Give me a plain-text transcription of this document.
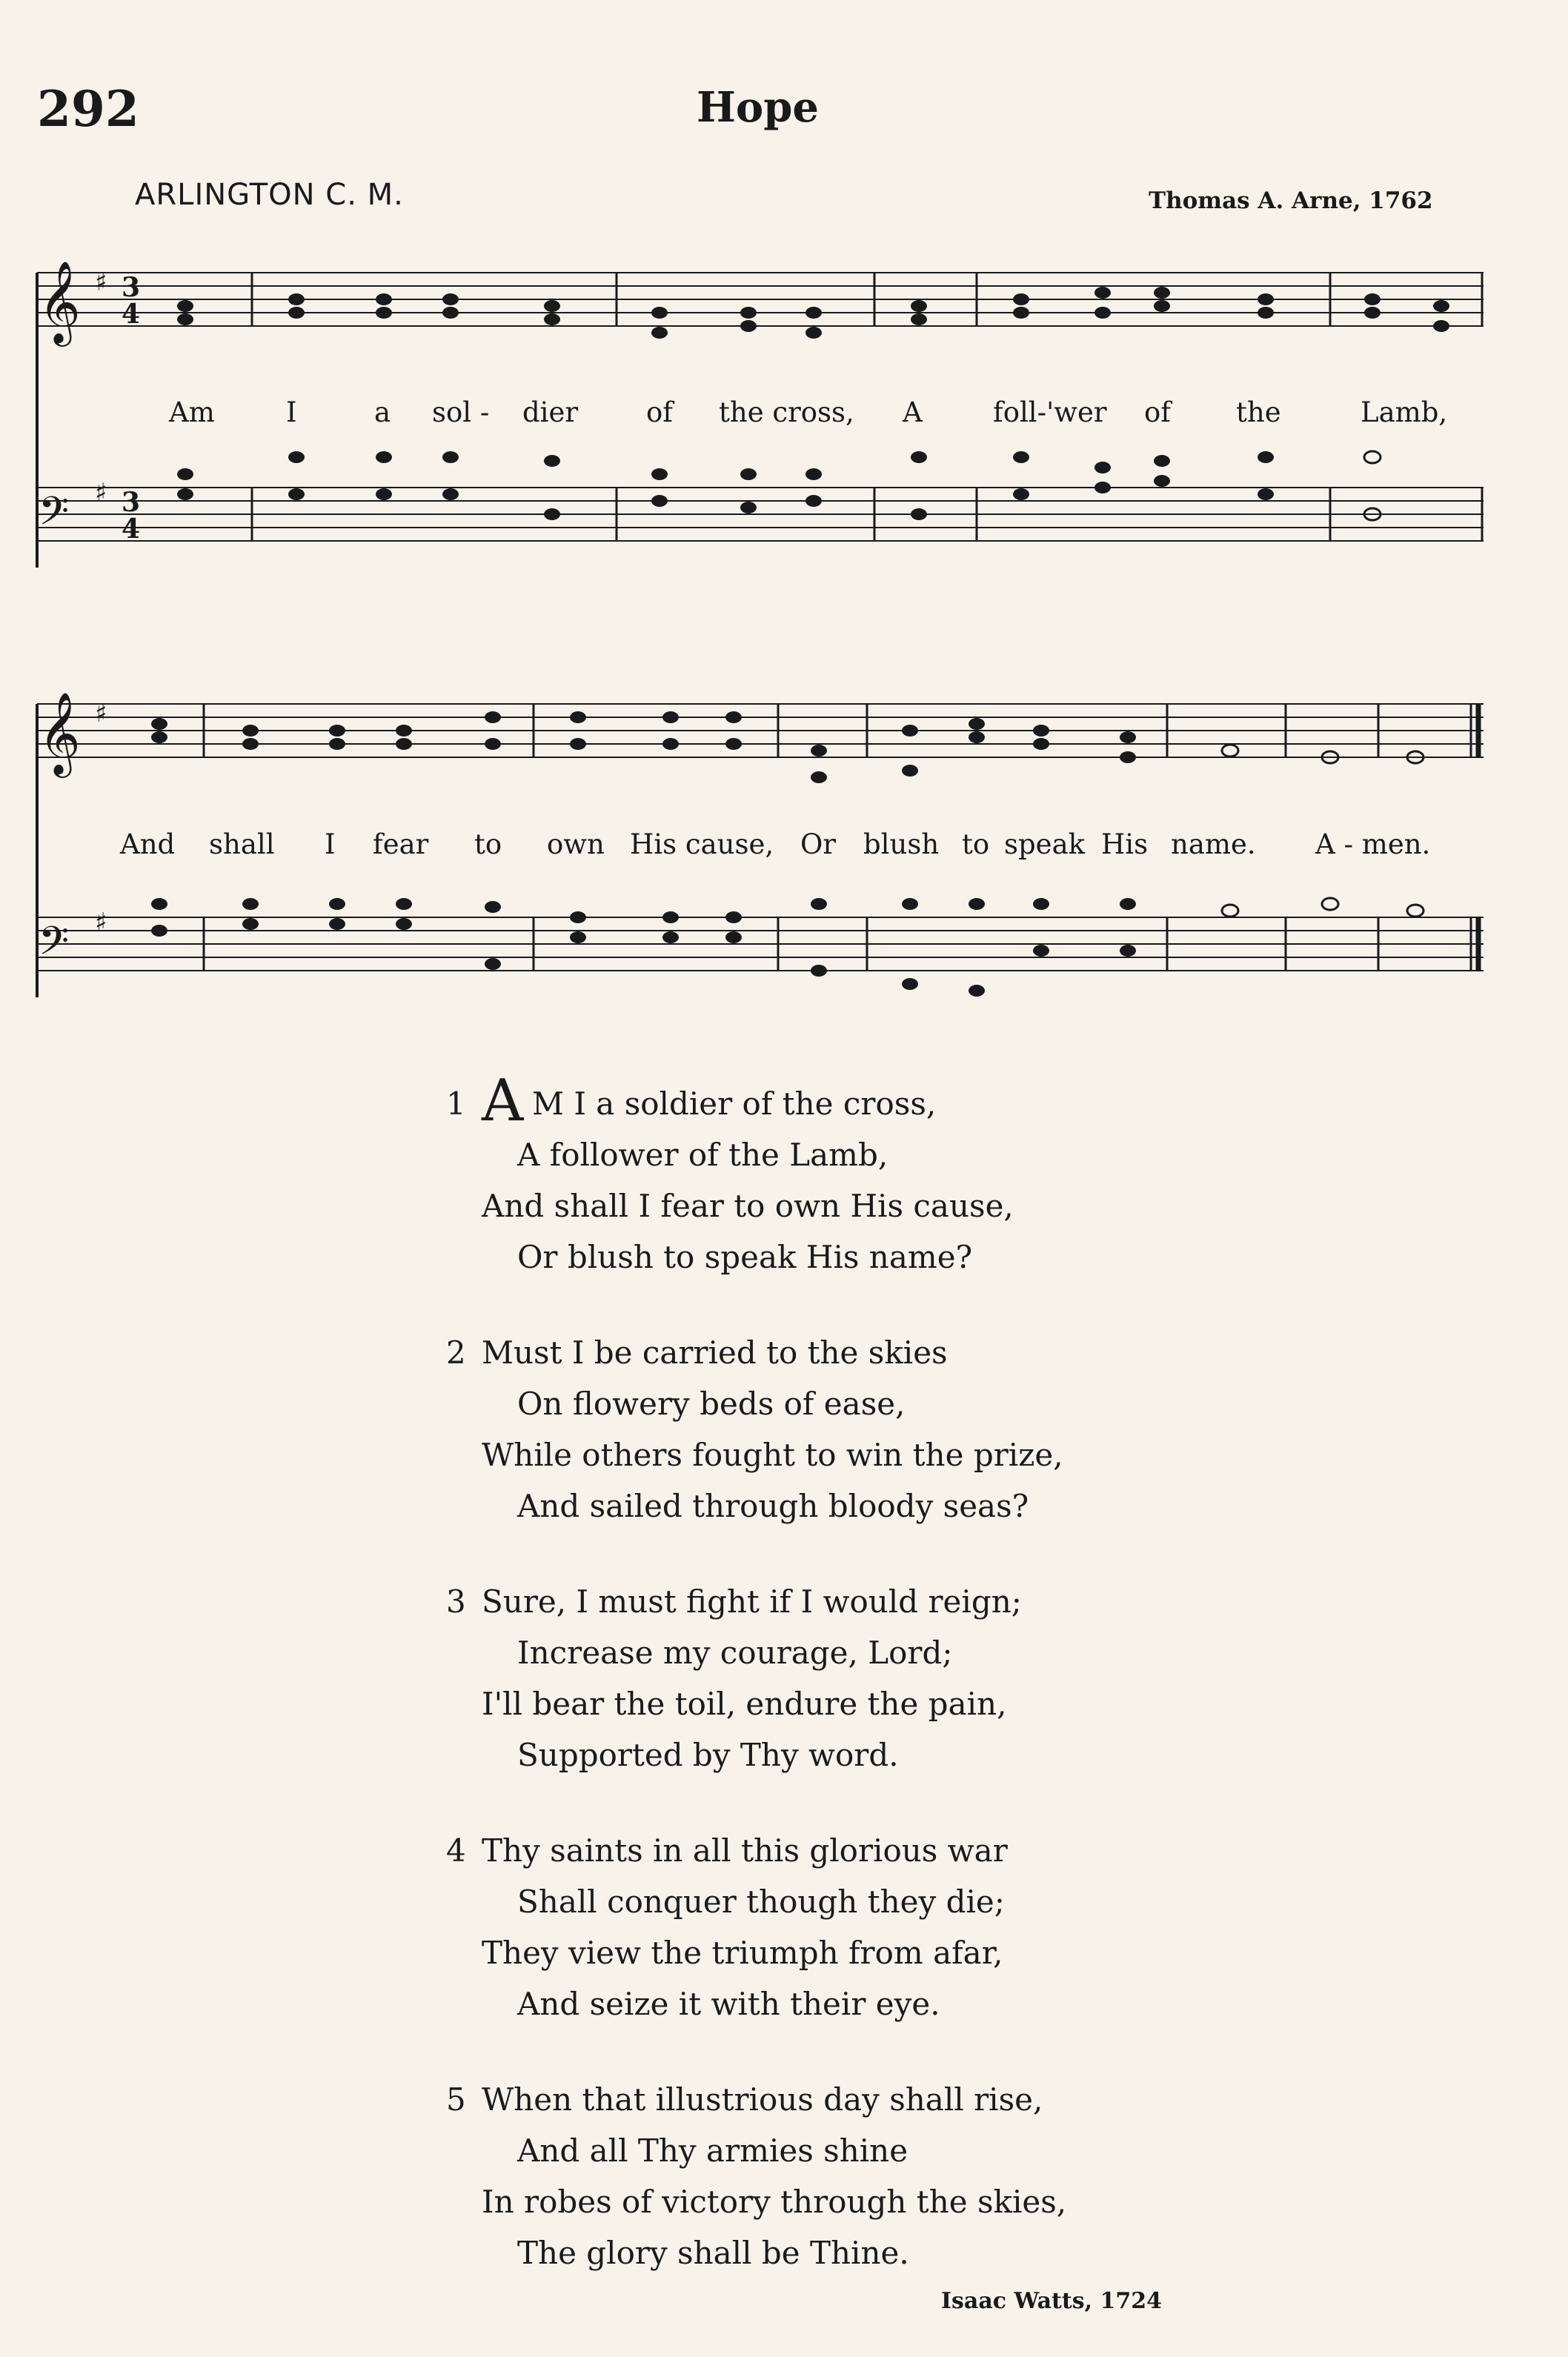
292	Hope
ARLINGTON C. M.	Thomas A. Arne, 1762
𝄞
𝄢
𝄞
𝄢
♯
♯
♯
♯
3
4
3
4
Am	I	a sol - dier of the cross, A	foll-'wer of the	Lamb,
And shall I fear to own His cause, Or blush to speak His name. A - men.
1 A M I a soldier of the cross,
A follower of the Lamb,
And shall I fear to own His cause,
Or blush to speak His name?
2 Must I be carried to the skies
On flowery beds of ease,
While others fought to win the prize,
And sailed through bloody seas?
3 Sure, I must fight if I would reign;
Increase my courage, Lord;
I'll bear the toil, endure the pain,
Supported by Thy word.
4 Thy saints in all this glorious war
Shall conquer though they die;
They view the triumph from afar,
And seize it with their eye.
5 When that illustrious day shall rise,
And all Thy armies shine
In robes of victory through the skies,
The glory shall be Thine.
Isaac Watts, 1724
